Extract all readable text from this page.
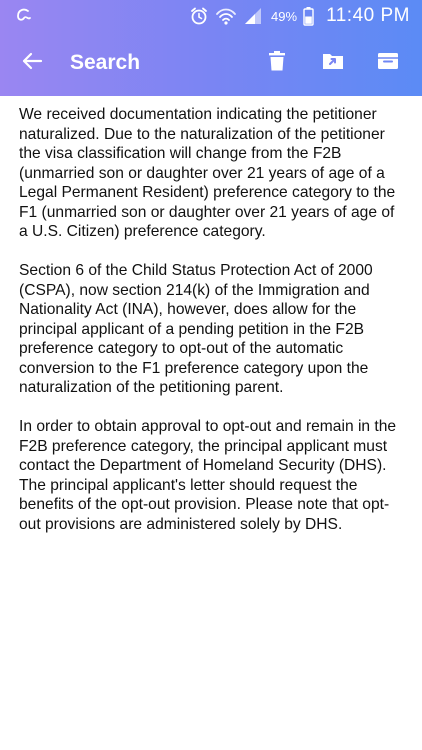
49% 11:40 PM
Search

We received documentation indicating the petitioner naturalized. Due to the naturalization of the petitioner the visa classification will change from the F2B (unmarried son or daughter over 21 years of age of a Legal Permanent Resident) preference category to the F1 (unmarried son or daughter over 21 years of age of a U.S. Citizen) preference category.

Section 6 of the Child Status Protection Act of 2000 (CSPA), now section 214(k) of the Immigration and Nationality Act (INA), however, does allow for the principal applicant of a pending petition in the F2B preference category to opt-out of the automatic conversion to the F1 preference category upon the naturalization of the petitioning parent.

In order to obtain approval to opt-out and remain in the F2B preference category, the principal applicant must contact the Department of Homeland Security (DHS). The principal applicant's letter should request the benefits of the opt-out provision. Please note that opt-out provisions are administered solely by DHS.
